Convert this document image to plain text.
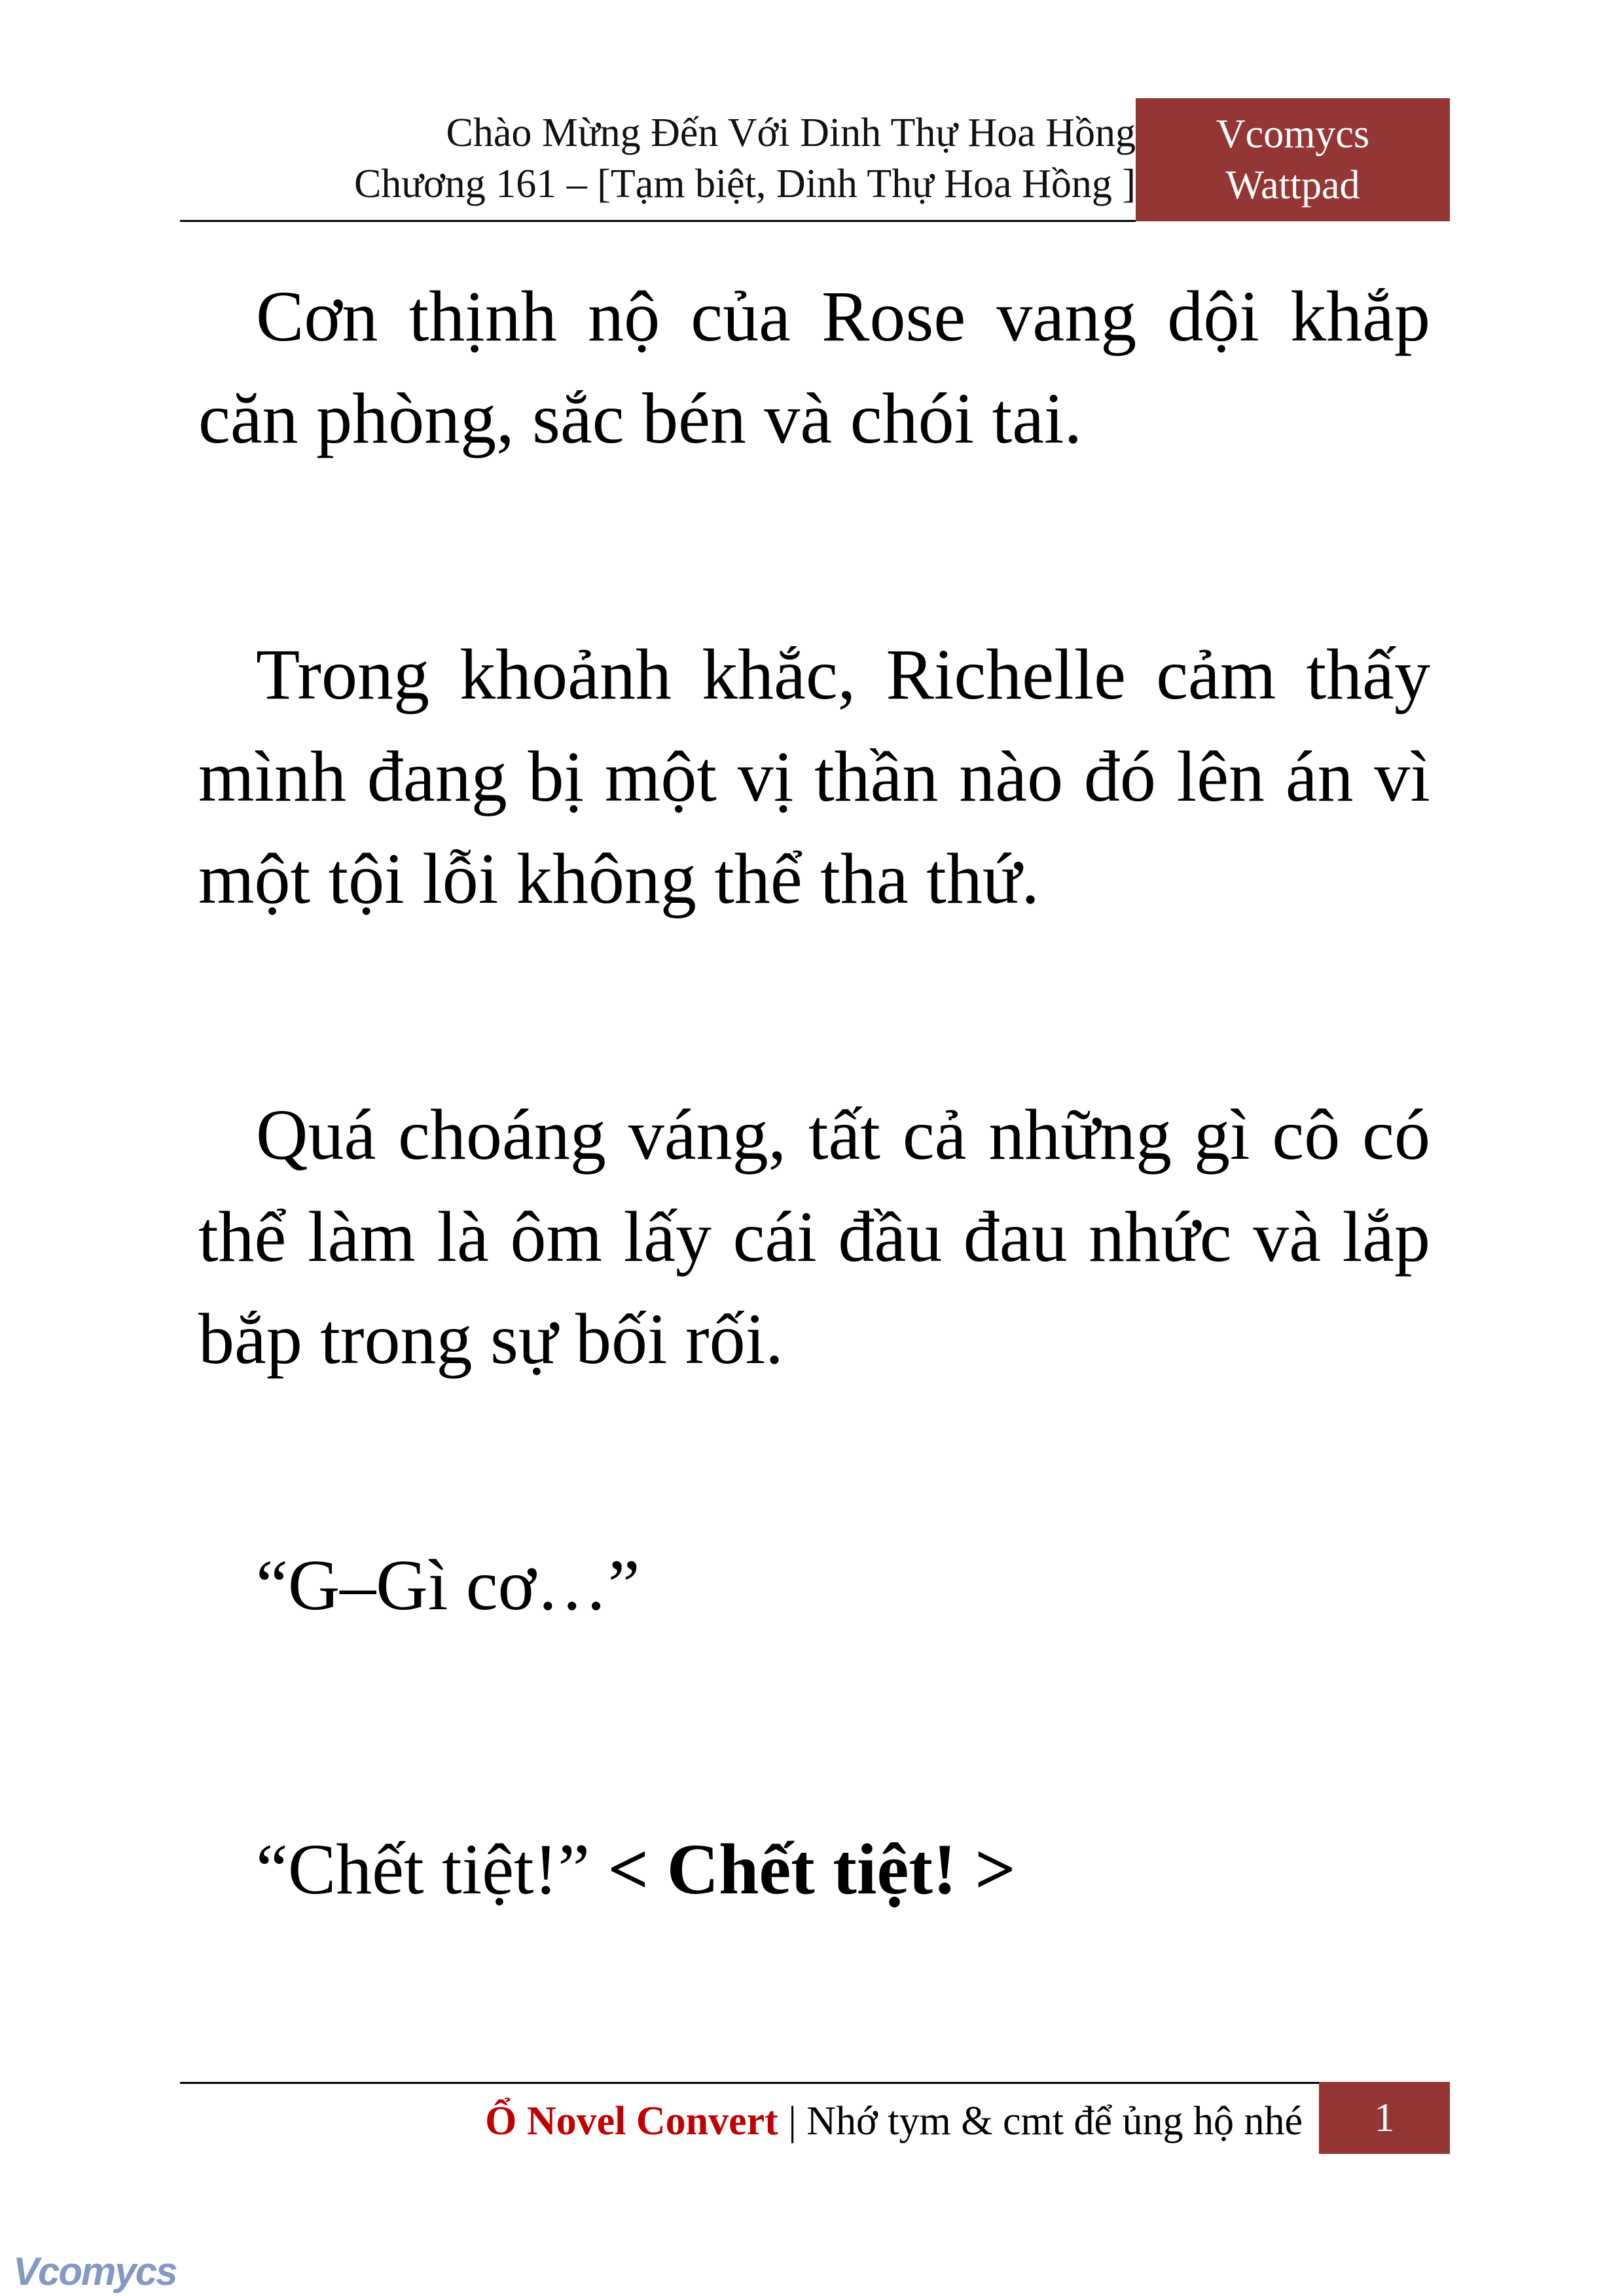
Chào Mừng Đến Với Dinh Thự Hoa Hồng
Chương 161 – [Tạm biệt, Dinh Thự Hoa Hồng ]
Vcomycs
Wattpad

Cơn thịnh nộ của Rose vang dội khắp căn phòng, sắc bén và chói tai.

Trong khoảnh khắc, Richelle cảm thấy mình đang bị một vị thần nào đó lên án vì một tội lỗi không thể tha thứ.

Quá choáng váng, tất cả những gì cô có thể làm là ôm lấy cái đầu đau nhức và lắp bắp trong sự bối rối.

“G–Gì cơ…”

“Chết tiệt!” < Chết tiệt! >

Ổ Novel Convert | Nhớ tym & cmt để ủng hộ nhé	1
Vcomycs
